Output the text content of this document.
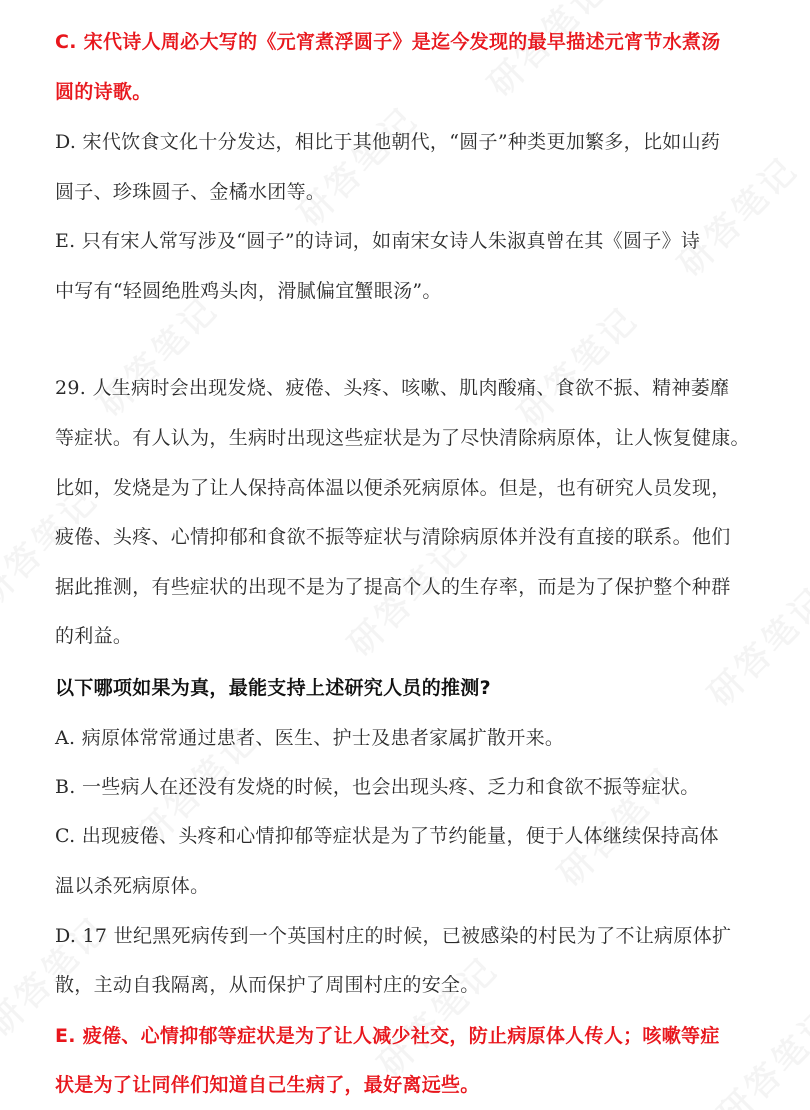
C. 宋代诗人周必大写的《元宵煮浮圆子》是迄今发现的最早描述元宵节水煮汤
圆的诗歌。
D. 宋代饮食文化十分发达，相比于其他朝代，“圆子”种类更加繁多，比如山药
圆子、珍珠圆子、金橘水团等。
E. 只有宋人常写涉及“圆子”的诗词，如南宋女诗人朱淑真曾在其《圆子》诗
中写有“轻圆绝胜鸡头肉，滑腻偏宜蟹眼汤”。
29. 人生病时会出现发烧、疲倦、头疼、咳嗽、肌肉酸痛、食欲不振、精神萎靡
等症状。有人认为，生病时出现这些症状是为了尽快清除病原体，让人恢复健康。
比如，发烧是为了让人保持高体温以便杀死病原体。但是，也有研究人员发现，
疲倦、头疼、心情抑郁和食欲不振等症状与清除病原体并没有直接的联系。他们
据此推测，有些症状的出现不是为了提高个人的生存率，而是为了保护整个种群
的利益。
以下哪项如果为真，最能支持上述研究人员的推测?
A. 病原体常常通过患者、医生、护士及患者家属扩散开来。
B. 一些病人在还没有发烧的时候，也会出现头疼、乏力和食欲不振等症状。
C. 出现疲倦、头疼和心情抑郁等症状是为了节约能量，便于人体继续保持高体
温以杀死病原体。
D. 17 世纪黑死病传到一个英国村庄的时候，已被感染的村民为了不让病原体扩
散，主动自我隔离，从而保护了周围村庄的安全。
E. 疲倦、心情抑郁等症状是为了让人减少社交，防止病原体人传人；咳嗽等症
状是为了让同伴们知道自己生病了，最好离远些。
